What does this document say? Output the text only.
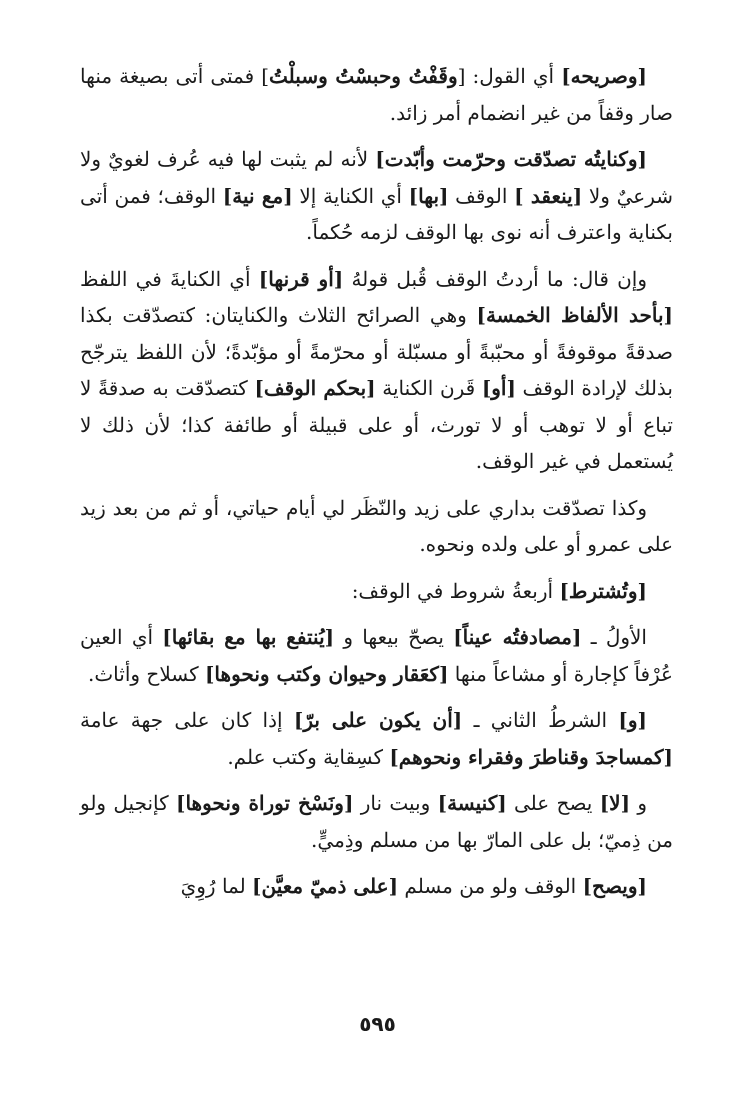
[وصريحه] أي القول: [وقَفْتُ وحبسْتُ وسبلْتُ] فمتى أتى بصيغة منها صار وقفاً من غير انضمام أمر زائد.

[وكنايتُه تصدّقت وحرّمت وأبّدت] لأنه لم يثبت لها فيه عُرف لغويٌ ولا شرعيٌ ولا [ينعقد ] الوقف [بها] أي الكناية إلا [مع نية] الوقف؛ فمن أتى بكناية واعترف أنه نوى بها الوقف لزمه حُكماً.

وإن قال: ما أردتُ الوقف قُبل قولهُ [أو قرنها] أي الكنايةَ في اللفظ [بأحد الألفاظ الخمسة] وهي الصرائح الثلاث والكنايتان: كتصدّقت بكذا صدقةً موقوفةً أو محبّبةً أو مسبّلة أو محرّمةً أو مؤبّدةً؛ لأن اللفظ يترجّح بذلك لإرادة الوقف [أو] قَرن الكناية [بحكم الوقف] كتصدّقت به صدقةً لا تباع أو لا توهب أو لا تورث، أو على قبيلة أو طائفة كذا؛ لأن ذلك لا يُستعمل في غير الوقف.

وكذا تصدّقت بداري على زيد والنّظَر لي أيام حياتي، أو ثم من بعد زيد على عمرو أو على ولده ونحوه.

[وتُشترط] أربعةُ شروط في الوقف:

الأولُ ـ [مصادفتُه عيناً] يصحّ بيعها و [يُنتفع بها مع بقائها] أي العين عُرْفاً كإجارة أو مشاعاً منها [كعَقار وحيوان وكتب ونحوها] كسلاح وأثاث.

[و] الشرطُ الثاني ـ [أن يكون على برّ] إذا كان على جهة عامة [كمساجدَ وقناطرَ وفقراء ونحوهم] كسِقاية وكتب علم.

و [لا] يصح على [كنيسة] وبيت نار [ونَسْخ توراة ونحوها] كإنجيل ولو من ذِميّ؛ بل على المارّ بها من مسلم وذِميٍّ.

[ويصح] الوقف ولو من مسلم [على ذميّ معيَّن] لما رُوِيَ

٥٩٥
